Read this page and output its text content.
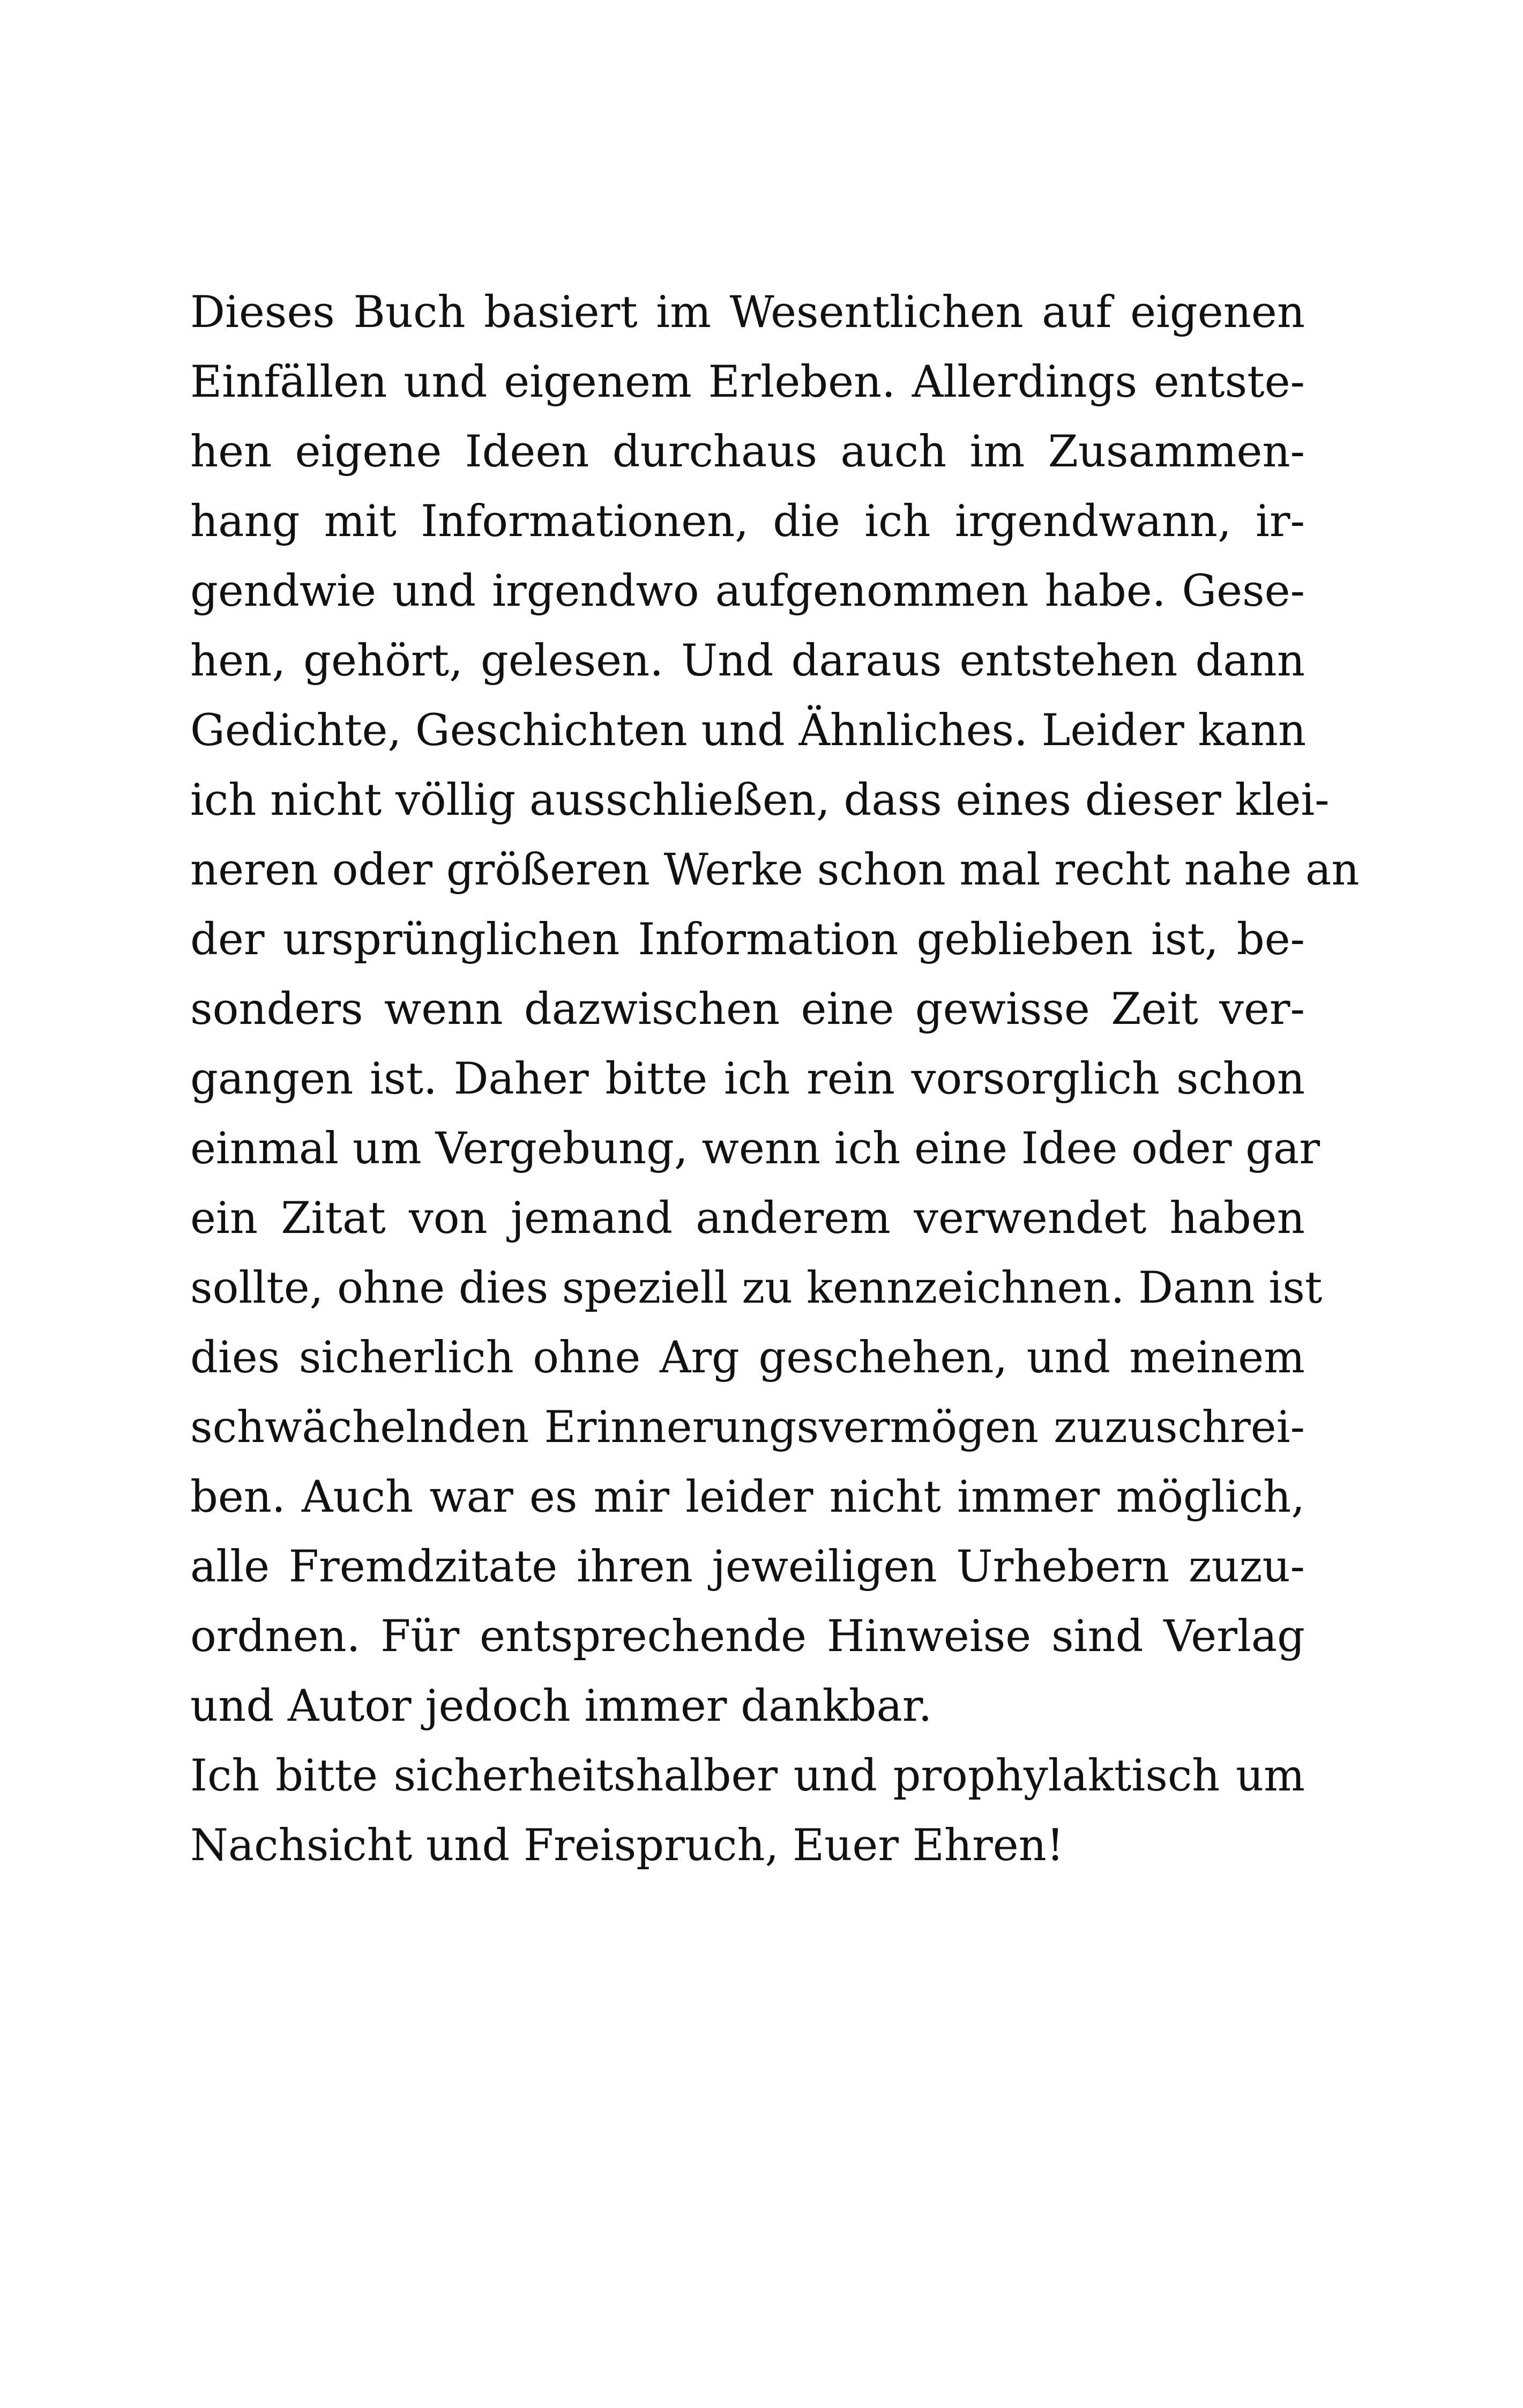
Dieses Buch basiert im Wesentlichen auf eigenen
Einfällen und eigenem Erleben. Allerdings entste-
hen eigene Ideen durchaus auch im Zusammen-
hang mit Informationen, die ich irgendwann, ir-
gendwie und irgendwo aufgenommen habe. Gese-
hen, gehört, gelesen. Und daraus entstehen dann
Gedichte, Geschichten und Ähnliches. Leider kann
ich nicht völlig ausschließen, dass eines dieser klei-
neren oder größeren Werke schon mal recht nahe an
der ursprünglichen Information geblieben ist, be-
sonders wenn dazwischen eine gewisse Zeit ver-
gangen ist. Daher bitte ich rein vorsorglich schon
einmal um Vergebung, wenn ich eine Idee oder gar
ein Zitat von jemand anderem verwendet haben
sollte, ohne dies speziell zu kennzeichnen. Dann ist
dies sicherlich ohne Arg geschehen, und meinem
schwächelnden Erinnerungsvermögen zuzuschrei-
ben. Auch war es mir leider nicht immer möglich,
alle Fremdzitate ihren jeweiligen Urhebern zuzu-
ordnen. Für entsprechende Hinweise sind Verlag
und Autor jedoch immer dankbar.
Ich bitte sicherheitshalber und prophylaktisch um
Nachsicht und Freispruch, Euer Ehren!
